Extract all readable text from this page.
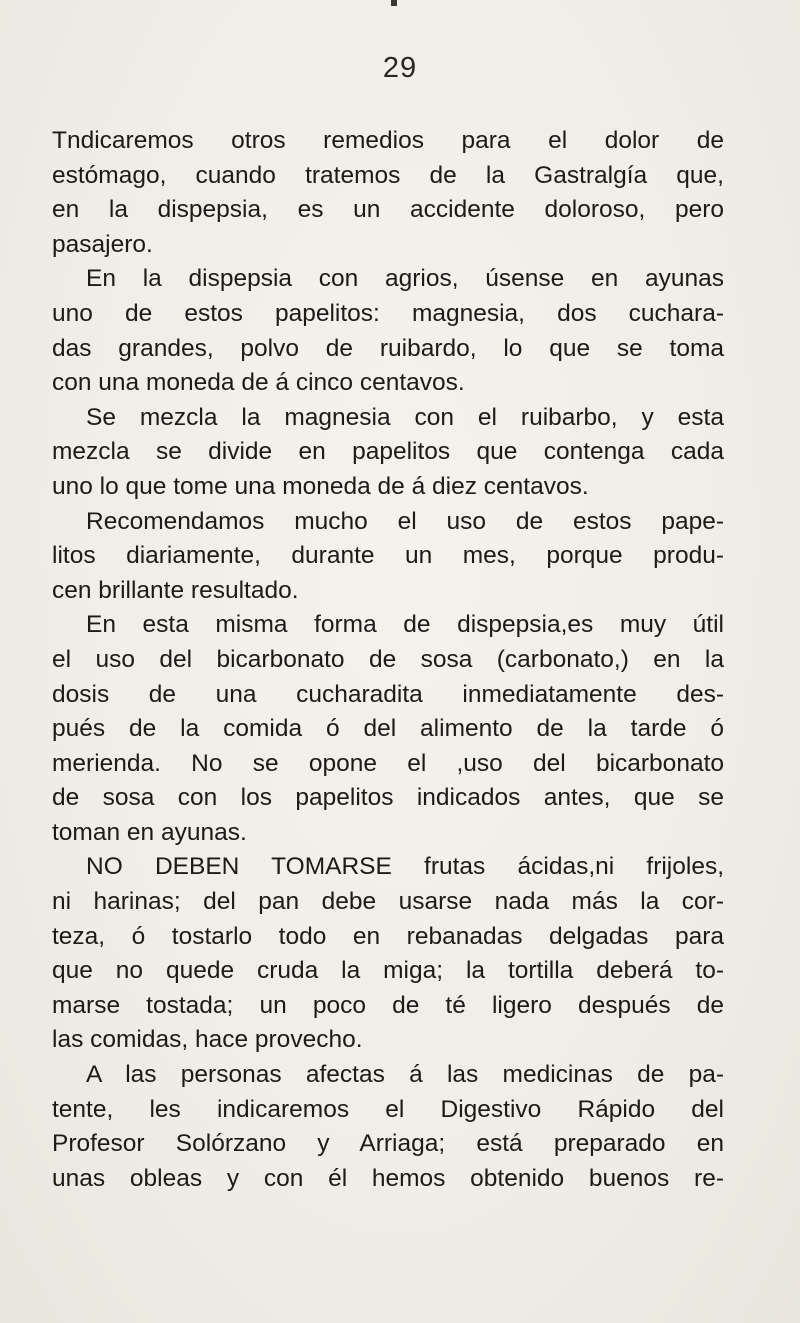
29
Tndicaremos otros remedios para el dolor de
estómago, cuando tratemos de la Gastralgía que,
en la dispepsia, es un accidente doloroso, pero
pasajero.
En la dispepsia con agrios, úsense en ayunas
uno de estos papelitos: magnesia, dos cuchara-
das grandes, polvo de ruibardo, lo que se toma
con una moneda de á cinco centavos.
Se mezcla la magnesia con el ruibarbo, y esta
mezcla se divide en papelitos que contenga cada
uno lo que tome una moneda de á diez centavos.
Recomendamos mucho el uso de estos pape-
litos diariamente, durante un mes, porque produ-
cen brillante resultado.
En esta misma forma de dispepsia,es muy útil
el uso del bicarbonato de sosa (carbonato,) en la
dosis de una cucharadita inmediatamente des-
pués de la comida ó del alimento de la tarde ó
merienda. No se opone el ,uso del bicarbonato
de sosa con los papelitos indicados antes, que se
toman en ayunas.
NO DEBEN TOMARSE frutas ácidas,ni frijoles,
ni harinas; del pan debe usarse nada más la cor-
teza, ó tostarlo todo en rebanadas delgadas para
que no quede cruda la miga; la tortilla deberá to-
marse tostada; un poco de té ligero después de
las comidas, hace provecho.
A las personas afectas á las medicinas de pa-
tente, les indicaremos el Digestivo Rápido del
Profesor Solórzano y Arriaga; está preparado en
unas obleas y con él hemos obtenido buenos re-
